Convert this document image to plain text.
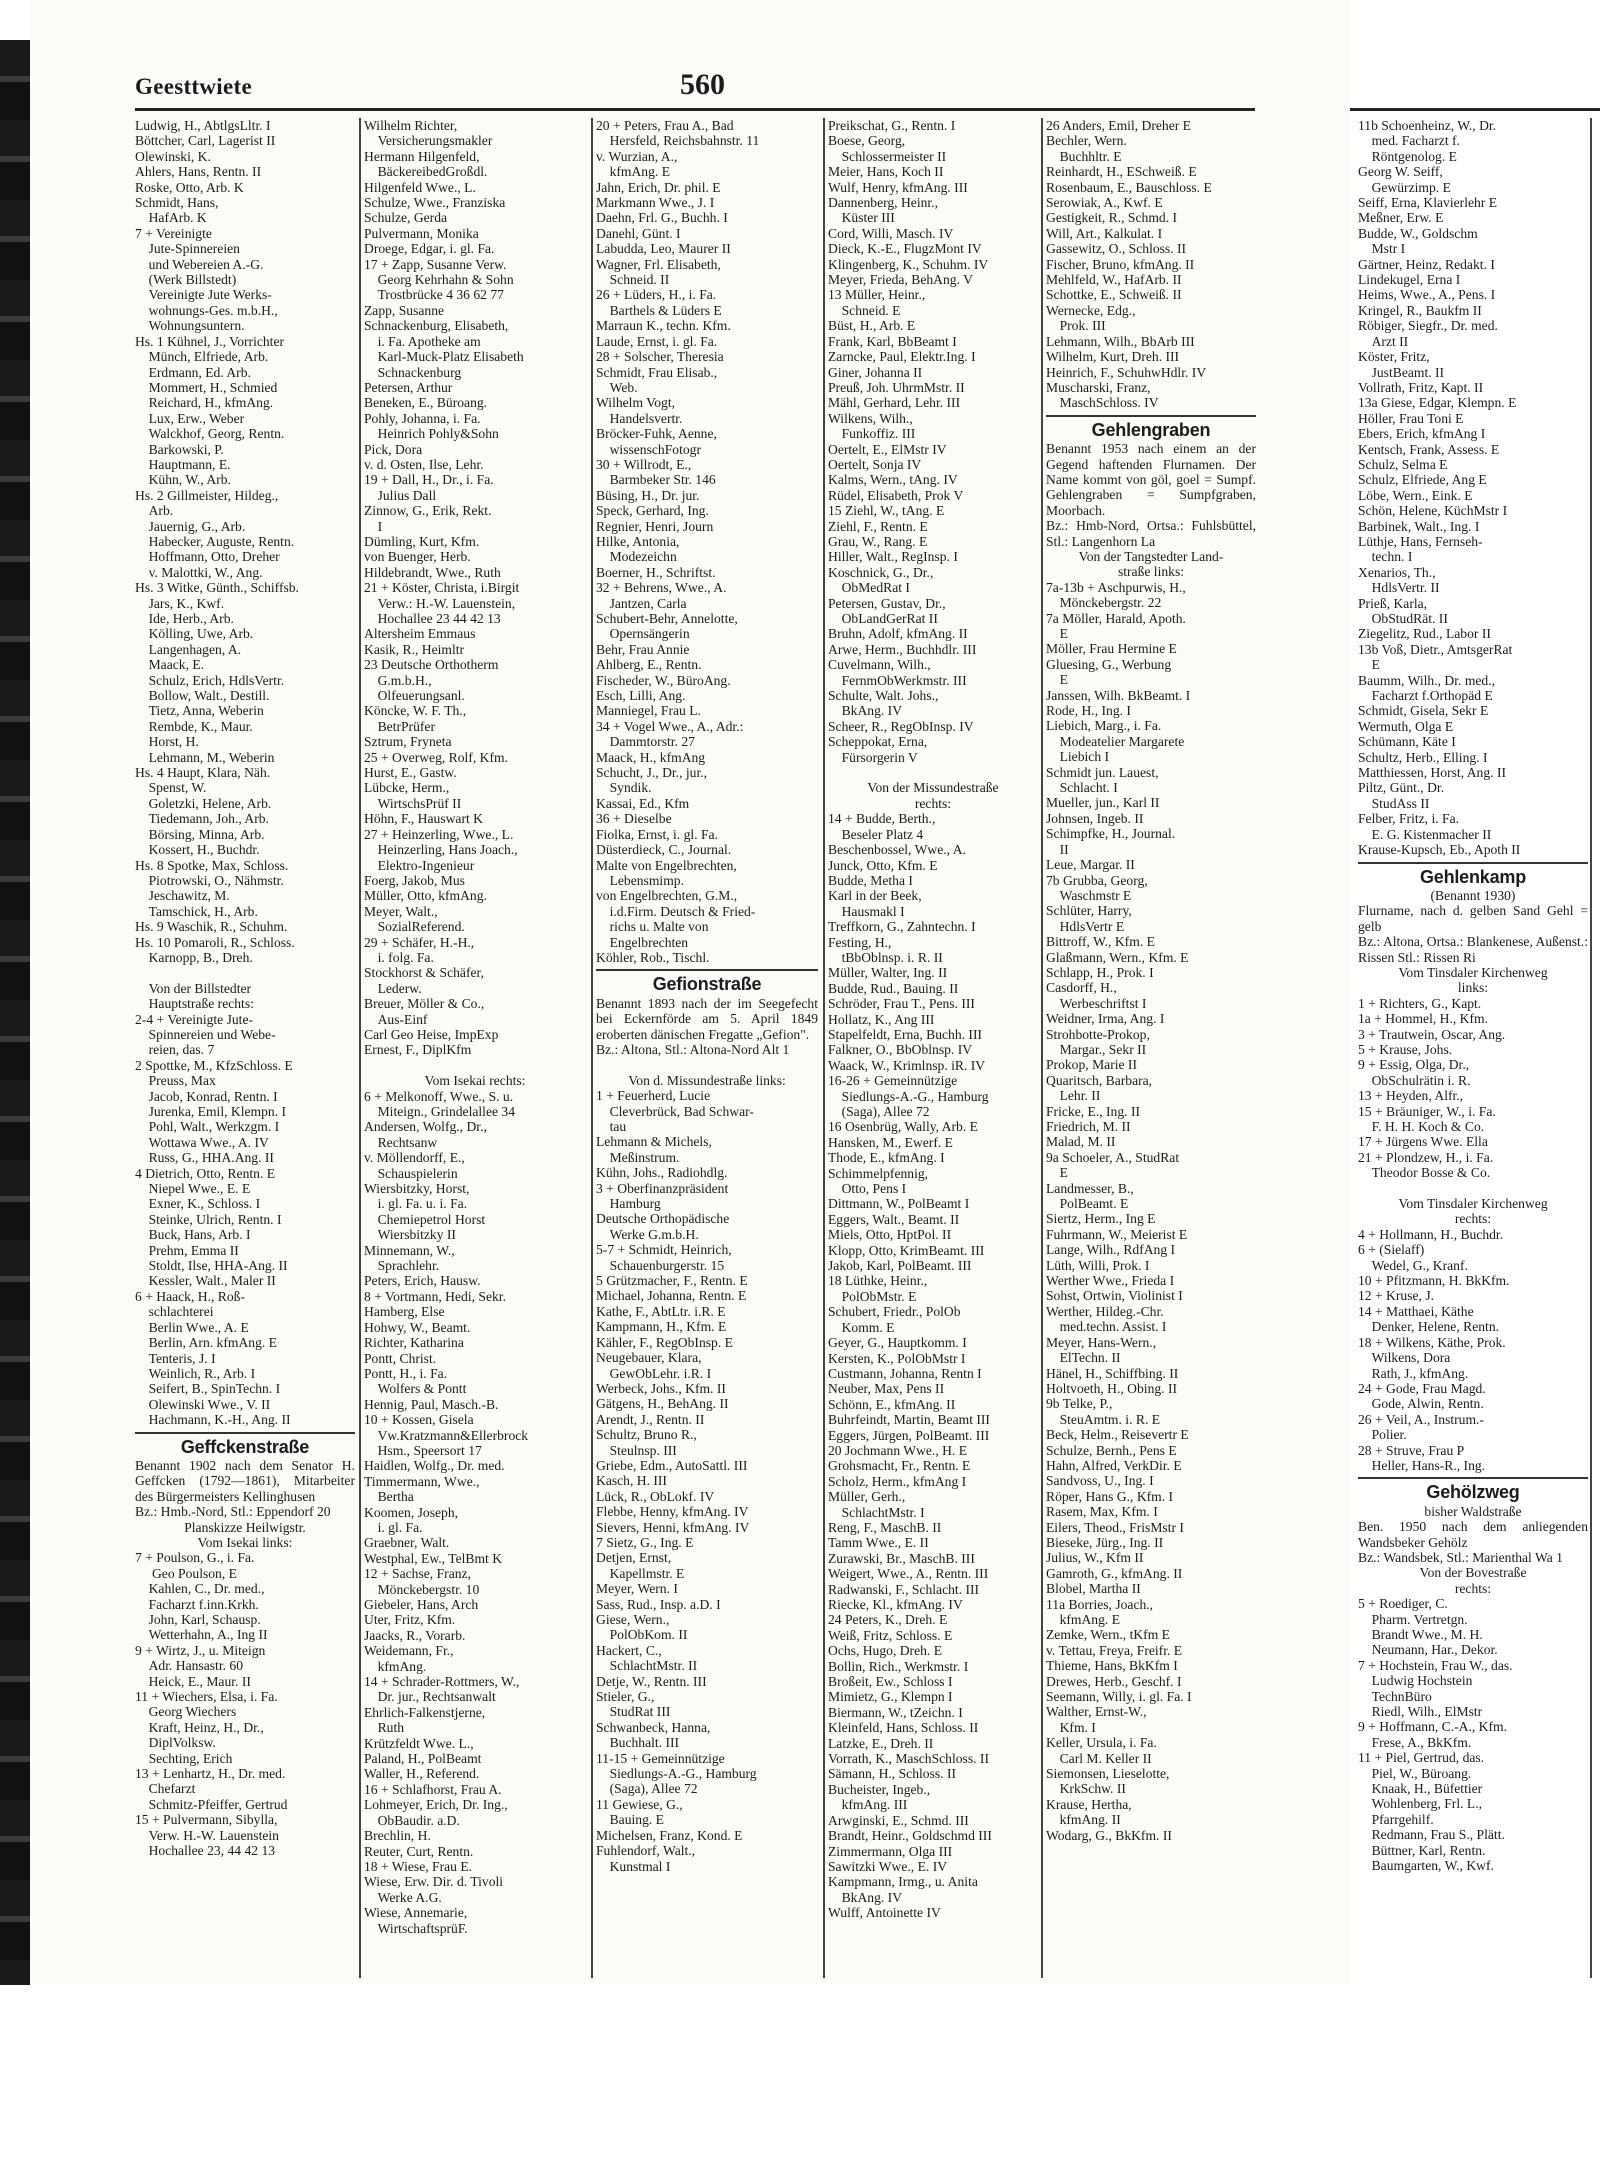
Geesttwiete	560
Ludwig, H., AbtlgsLltr. I
Böttcher, Carl, Lagerist II
Olewinski, K.
Ahlers, Hans, Rentn. II
Roske, Otto, Arb. K
Schmidt, Hans,
HafArb. K
7 + Vereinigte
Jute-Spinnereien
und Webereien A.-G.
(Werk Billstedt)
Vereinigte Jute Werks-
wohnungs-Ges. m.b.H.,
Wohnungsuntern.
Hs. 1 Kühnel, J., Vorrichter
Münch, Elfriede, Arb.
Erdmann, Ed. Arb.
Mommert, H., Schmied
Reichard, H., kfmAng.
Lux, Erw., Weber
Walckhof, Georg, Rentn.
Barkowski, P.
Hauptmann, E.
Kühn, W., Arb.
Hs. 2 Gillmeister, Hildeg.,
Arb.
Jauernig, G., Arb.
Habecker, Auguste, Rentn.
Hoffmann, Otto, Dreher
v. Malottki, W., Ang.
Hs. 3 Witke, Günth., Schiffsb.
Jars, K., Kwf.
Ide, Herb., Arb.
Kölling, Uwe, Arb.
Langenhagen, A.
Maack, E.
Schulz, Erich, HdlsVertr.
Bollow, Walt., Destill.
Tietz, Anna, Weberin
Rembde, K., Maur.
Horst, H.
Lehmann, M., Weberin
Hs. 4 Haupt, Klara, Näh.
Spenst, W.
Goletzki, Helene, Arb.
Tiedemann, Joh., Arb.
Börsing, Minna, Arb.
Kossert, H., Buchdr.
Hs. 8 Spotke, Max, Schloss.
Piotrowski, O., Nähmstr.
Jeschawitz, M.
Tamschick, H., Arb.
Hs. 9 Waschik, R., Schuhm.
Hs. 10 Pomaroli, R., Schloss.
Karnopp, B., Dreh.

Von der Billstedter
Hauptstraße rechts:
2-4 + Vereinigte Jute-
Spinnereien und Webe-
reien, das. 7
2 Spottke, M., KfzSchloss. E
Preuss, Max
Jacob, Konrad, Rentn. I
Jurenka, Emil, Klempn. I
Pohl, Walt., Werkzgm. I
Wottawa Wwe., A. IV
Russ, G., HHA.Ang. II
4 Dietrich, Otto, Rentn. E
Niepel Wwe., E. E
Exner, K., Schloss. I
Steinke, Ulrich, Rentn. I
Buck, Hans, Arb. I
Prehm, Emma II
Stoldt, Ilse, HHA-Ang. II
Kessler, Walt., Maler II
6 + Haack, H., Roß-
schlachterei
Berlin Wwe., A. E
Berlin, Arn. kfmAng. E
Tenteris, J. I
Weinlich, R., Arb. I
Seifert, B., SpinTechn. I
Olewinski Wwe., V. II
Hachmann, K.-H., Ang. II
Geffckenstraße
Benannt 1902 nach dem Senator H. Geffcken (1792—1861), Mitarbeiter des Bürgermeisters Kellinghusen
Bz.: Hmb.-Nord, Stl.: Eppendorf 20
Planskizze Heilwigstr.
Vom Isekai links:
7 + Poulson, G., i. Fa.
Geo Poulson, E
Kahlen, C., Dr. med.,
Facharzt f.inn.Krkh.
John, Karl, Schausp.
Wetterhahn, A., Ing II
9 + Wirtz, J., u. Miteign
Adr. Hansastr. 60
Heick, E., Maur. II
11 + Wiechers, Elsa, i. Fa.
Georg Wiechers
Kraft, Heinz, H., Dr.,
DiplVolksw.
Sechting, Erich
13 + Lenhartz, H., Dr. med.
Chefarzt
Schmitz-Pfeiffer, Gertrud
15 + Pulvermann, Sibylla,
Verw. H.-W. Lauenstein
Hochallee 23, 44 42 13
Wilhelm Richter,
Versicherungsmakler
Hermann Hilgenfeld,
BäckereibedGroßdl.
Hilgenfeld Wwe., L.
Schulze, Wwe., Franziska
Schulze, Gerda
Pulvermann, Monika
Droege, Edgar, i. gl. Fa.
17 + Zapp, Susanne Verw.
Georg Kehrhahn & Sohn
Trostbrücke 4 36 62 77
Zapp, Susanne
Schnackenburg, Elisabeth,
i. Fa. Apotheke am
Karl-Muck-Platz Elisabeth
Schnackenburg
Petersen, Arthur
Beneken, E., Büroang.
Pohly, Johanna, i. Fa.
Heinrich Pohly&Sohn
Pick, Dora
v. d. Osten, Ilse, Lehr.
19 + Dall, H., Dr., i. Fa.
Julius Dall
Zinnow, G., Erik, Rekt.
I
Dümling, Kurt, Kfm.
von Buenger, Herb.
Hildebrandt, Wwe., Ruth
21 + Köster, Christa, i.Birgit
Verw.: H.-W. Lauenstein,
Hochallee 23 44 42 13
Altersheim Emmaus
Kasik, R., Heimltr
23 Deutsche Orthotherm
G.m.b.H.,
Olfeuerungsanl.
Köncke, W. F. Th.,
BetrPrüfer
Sztrum, Fryneta
25 + Overweg, Rolf, Kfm.
Hurst, E., Gastw.
Lübcke, Herm.,
WirtschsPrüf II
Höhn, F., Hauswart K
27 + Heinzerling, Wwe., L.
Heinzerling, Hans Joach.,
Elektro-Ingenieur
Foerg, Jakob, Mus
Müller, Otto, kfmAng.
Meyer, Walt.,
SozialReferend.
29 + Schäfer, H.-H.,
i. folg. Fa.
Stockhorst & Schäfer,
Lederw.
Breuer, Möller & Co.,
Aus-Einf
Carl Geo Heise, ImpExp
Ernest, F., DiplKfm

Vom Isekai rechts:
6 + Melkonoff, Wwe., S. u.
Miteign., Grindelallee 34
Andersen, Wolfg., Dr.,
Rechtsanw
v. Möllendorff, E.,
Schauspielerin
Wiersbitzky, Horst,
i. gl. Fa. u. i. Fa.
Chemiepetrol Horst
Wiersbitzky II
Minnemann, W.,
Sprachlehr.
Peters, Erich, Hausw.
8 + Vortmann, Hedi, Sekr.
Hamberg, Else
Hohwy, W., Beamt.
Richter, Katharina
Pontt, Christ.
Pontt, H., i. Fa.
Wolfers & Pontt
Hennig, Paul, Masch.-B.
10 + Kossen, Gisela
Vw.Kratzmann&Ellerbrock
Hsm., Speersort 17
Haidlen, Wolfg., Dr. med.
Timmermann, Wwe.,
Bertha
Koomen, Joseph,
i. gl. Fa.
Graebner, Walt.
Westphal, Ew., TelBmt K
12 + Sachse, Franz,
Mönckebergstr. 10
Giebeler, Hans, Arch
Uter, Fritz, Kfm.
Jaacks, R., Vorarb.
Weidemann, Fr.,
kfmAng.
14 + Schrader-Rottmers, W.,
Dr. jur., Rechtsanwalt
Ehrlich-Falkenstjerne,
Ruth
Krützfeldt Wwe. L.,
Paland, H., PolBeamt
Waller, H., Referend.
16 + Schlafhorst, Frau A.
Lohmeyer, Erich, Dr. Ing.,
ObBaudir. a.D.
Brechlin, H.
Reuter, Curt, Rentn.
18 + Wiese, Frau E.
Wiese, Erw. Dir. d. Tivoli
Werke A.G.
Wiese, Annemarie,
WirtschaftsprüF.
20 + Peters, Frau A., Bad
Hersfeld, Reichsbahnstr. 11
v. Wurzian, A.,
kfmAng. E
Jahn, Erich, Dr. phil. E
Markmann Wwe., J. I
Daehn, Frl. G., Buchh. I
Danehl, Günt. I
Labudda, Leo, Maurer II
Wagner, Frl. Elisabeth,
Schneid. II
26 + Lüders, H., i. Fa.
Barthels & Lüders E
Marraun K., techn. Kfm.
Laude, Ernst, i. gl. Fa.
28 + Solscher, Theresia
Schmidt, Frau Elisab.,
Web.
Wilhelm Vogt,
Handelsvertr.
Bröcker-Fuhk, Aenne,
wissenschFotogr
30 + Willrodt, E.,
Barmbeker Str. 146
Büsing, H., Dr. jur.
Speck, Gerhard, Ing.
Regnier, Henri, Journ
Hilke, Antonia,
Modezeichn
Boerner, H., Schriftst.
32 + Behrens, Wwe., A.
Jantzen, Carla
Schubert-Behr, Annelotte,
Opernsängerin
Behr, Frau Annie
Ahlberg, E., Rentn.
Fischeder, W., BüroAng.
Esch, Lilli, Ang.
Manniegel, Frau L.
34 + Vogel Wwe., A., Adr.:
Dammtorstr. 27
Maack, H., kfmAng
Schucht, J., Dr., jur.,
Syndik.
Kassai, Ed., Kfm
36 + Dieselbe
Fiolka, Ernst, i. gl. Fa.
Düsterdieck, C., Journal.
Malte von Engelbrechten,
Lebensmimp.
von Engelbrechten, G.M.,
i.d.Firm. Deutsch & Fried-
richs u. Malte von
Engelbrechten
Köhler, Rob., Tischl.
Gefionstraße
Benannt 1893 nach der im Seegefecht bei Eckernförde am 5. April 1849 eroberten dänischen Fregatte „Gefion".
Bz.: Altona, Stl.: Altona-Nord Alt 1

Von d. Missundestraße links:
1 + Feuerherd, Lucie
Cleverbrück, Bad Schwar-
tau
Lehmann & Michels,
Meßinstrum.
Kühn, Johs., Radiohdlg.
3 + Oberfinanzpräsident
Hamburg
Deutsche Orthopädische
Werke G.m.b.H.
5-7 + Schmidt, Heinrich,
Schauenburgerstr. 15
5 Grützmacher, F., Rentn. E
Michael, Johanna, Rentn. E
Kathe, F., AbtLtr. i.R. E
Kampmann, H., Kfm. E
Kähler, F., RegObInsp. E
Neugebauer, Klara,
GewObLehr. i.R. I
Werbeck, Johs., Kfm. II
Gätgens, H., BehAng. II
Arendt, J., Rentn. II
Schultz, Bruno R.,
Steulnsp. III
Griebe, Edm., AutoSattl. III
Kasch, H. III
Lück, R., ObLokf. IV
Flebbe, Henny, kfmAng. IV
Sievers, Henni, kfmAng. IV
7 Sietz, G., Ing. E
Detjen, Ernst,
Kapellmstr. E
Meyer, Wern. I
Sass, Rud., Insp. a.D. I
Giese, Wern.,
PolObKom. II
Hackert, C.,
SchlachtMstr. II
Detje, W., Rentn. III
Stieler, G.,
StudRat III
Schwanbeck, Hanna,
Buchhalt. III
11-15 + Gemeinnützige
Siedlungs-A.-G., Hamburg
(Saga), Allee 72
11 Gewiese, G.,
Bauing. E
Michelsen, Franz, Kond. E
Fuhlendorf, Walt.,
Kunstmal I
Preikschat, G., Rentn. I
Boese, Georg,
Schlossermeister II
Meier, Hans, Koch II
Wulf, Henry, kfmAng. III
Dannenberg, Heinr.,
Küster III
Cord, Willi, Masch. IV
Dieck, K.-E., FlugzMont IV
Klingenberg, K., Schuhm. IV
Meyer, Frieda, BehAng. V
13 Müller, Heinr.,
Schneid. E
Büst, H., Arb. E
Frank, Karl, BbBeamt I
Zarncke, Paul, Elektr.Ing. I
Giner, Johanna II
Preuß, Joh. UhrmMstr. II
Mähl, Gerhard, Lehr. III
Wilkens, Wilh.,
Funkoffiz. III
Oertelt, E., ElMstr IV
Oertelt, Sonja IV
Kalms, Wern., tAng. IV
Rüdel, Elisabeth, Prok V
15 Ziehl, W., tAng. E
Ziehl, F., Rentn. E
Grau, W., Rang. E
Hiller, Walt., RegInsp. I
Koschnick, G., Dr.,
ObMedRat I
Petersen, Gustav, Dr.,
ObLandGerRat II
Bruhn, Adolf, kfmAng. II
Arwe, Herm., Buchhdlr. III
Cuvelmann, Wilh.,
FernmObWerkmstr. III
Schulte, Walt. Johs.,
BkAng. IV
Scheer, R., RegObInsp. IV
Scheppokat, Erna,
Fürsorgerin V

Von der Missundestraße
rechts:
14 + Budde, Berth.,
Beseler Platz 4
Beschenbossel, Wwe., A.
Junck, Otto, Kfm. E
Budde, Metha I
Karl in der Beek,
Hausmakl I
Treffkorn, G., Zahntechn. I
Festing, H.,
tBbOblnsp. i. R. II
Müller, Walter, Ing. II
Budde, Rud., Bauing. II
Schröder, Frau T., Pens. III
Hollatz, K., Ang III
Stapelfeldt, Erna, Buchh. III
Falkner, O., BbOblnsp. IV
Waack, W., Krimlnsp. iR. IV
16-26 + Gemeinnützige
Siedlungs-A.-G., Hamburg
(Saga), Allee 72
16 Osenbrüg, Wally, Arb. E
Hansken, M., Ewerf. E
Thode, E., kfmAng. I
Schimmelpfennig,
Otto, Pens I
Dittmann, W., PolBeamt I
Eggers, Walt., Beamt. II
Miels, Otto, HptPol. II
Klopp, Otto, KrimBeamt. III
Jakob, Karl, PolBeamt. III
18 Lüthke, Heinr.,
PolObMstr. E
Schubert, Friedr., PolOb
Komm. E
Geyer, G., Hauptkomm. I
Kersten, K., PolObMstr I
Custmann, Johanna, Rentn I
Neuber, Max, Pens II
Schönn, E., kfmAng. II
Buhrfeindt, Martin, Beamt III
Eggers, Jürgen, PolBeamt. III
20 Jochmann Wwe., H. E
Grohsmacht, Fr., Rentn. E
Scholz, Herm., kfmAng I
Müller, Gerh.,
SchlachtMstr. I
Reng, F., MaschB. II
Tamm Wwe., E. II
Zurawski, Br., MaschB. III
Weigert, Wwe., A., Rentn. III
Radwanski, F., Schlacht. III
Riecke, Kl., kfmAng. IV
24 Peters, K., Dreh. E
Weiß, Fritz, Schloss. E
Ochs, Hugo, Dreh. E
Bollin, Rich., Werkmstr. I
Broßeit, Ew., Schloss I
Mimietz, G., Klempn I
Biermann, W., tZeichn. I
Kleinfeld, Hans, Schloss. II
Latzke, E., Dreh. II
Vorrath, K., MaschSchloss. II
Sämann, H., Schloss. II
Bucheister, Ingeb.,
kfmAng. III
Arwginski, E., Schmd. III
Brandt, Heinr., Goldschmd III
Zimmermann, Olga III
Sawitzki Wwe., E. IV
Kampmann, Irmg., u. Anita
BkAng. IV
Wulff, Antoinette IV
26 Anders, Emil, Dreher E
Bechler, Wern.
Buchhltr. E
Reinhardt, H., ESchweiß. E
Rosenbaum, E., Bauschloss. E
Serowiak, A., Kwf. E
Gestigkeit, R., Schmd. I
Will, Art., Kalkulat. I
Gassewitz, O., Schloss. II
Fischer, Bruno, kfmAng. II
Mehlfeld, W., HafArb. II
Schottke, E., Schweiß. II
Wernecke, Edg.,
Prok. III
Lehmann, Wilh., BbArb III
Wilhelm, Kurt, Dreh. III
Heinrich, F., SchuhwHdlr. IV
Muscharski, Franz,
MaschSchloss. IV
Gehlengraben
Benannt 1953 nach einem an der Gegend haftenden Flurnamen. Der Name kommt von göl, goel = Sumpf. Gehlengraben = Sumpfgraben, Moorbach.
Bz.: Hmb-Nord, Ortsa.: Fuhlsbüttel, Stl.: Langenhorn La
Von der Tangstedter Land-
straße links:
7a-13b + Aschpurwis, H.,
Mönckebergstr. 22
7a Möller, Harald, Apoth.
E
Möller, Frau Hermine E
Gluesing, G., Werbung
E
Janssen, Wilh. BkBeamt. I
Rode, H., Ing. I
Liebich, Marg., i. Fa.
Modeatelier Margarete
Liebich I
Schmidt jun. Lauest,
Schlacht. I
Mueller, jun., Karl II
Johnsen, Ingeb. II
Schimpfke, H., Journal.
II
Leue, Margar. II
7b Grubba, Georg,
Waschmstr E
Schlüter, Harry,
HdlsVertr E
Bittroff, W., Kfm. E
Glaßmann, Wern., Kfm. E
Schlapp, H., Prok. I
Casdorff, H.,
Werbeschriftst I
Weidner, Irma, Ang. I
Strohbotte-Prokop,
Margar., Sekr II
Prokop, Marie II
Quaritsch, Barbara,
Lehr. II
Fricke, E., Ing. II
Friedrich, M. II
Malad, M. II
9a Schoeler, A., StudRat
E
Landmesser, B.,
PolBeamt. E
Siertz, Herm., Ing E
Fuhrmann, W., Meierist E
Lange, Wilh., RdfAng I
Lüth, Willi, Prok. I
Werther Wwe., Frieda I
Sohst, Ortwin, Violinist I
Werther, Hildeg.-Chr.
med.techn. Assist. I
Meyer, Hans-Wern.,
ElTechn. II
Hänel, H., Schiffbing. II
Holtvoeth, H., Obing. II
9b Telke, P.,
SteuAmtm. i. R. E
Beck, Helm., Reisevertr E
Schulze, Bernh., Pens E
Hahn, Alfred, VerkDir. E
Sandvoss, U., Ing. I
Röper, Hans G., Kfm. I
Rasem, Max, Kfm. I
Eilers, Theod., FrisMstr I
Bieseke, Jürg., Ing. II
Julius, W., Kfm II
Gamroth, G., kfmAng. II
Blobel, Martha II
11a Borries, Joach.,
kfmAng. E
Zemke, Wern., tKfm E
v. Tettau, Freya, Freifr. E
Thieme, Hans, BkKfm I
Drewes, Herb., Geschf. I
Seemann, Willy, i. gl. Fa. I
Walther, Ernst-W.,
Kfm. I
Keller, Ursula, i. Fa.
Carl M. Keller II
Siemonsen, Lieselotte,
KrkSchw. II
Krause, Hertha,
kfmAng. II
Wodarg, G., BkKfm. II
11b Schoenheinz, W., Dr.
med. Facharzt f.
Röntgenolog. E
Georg W. Seiff,
Gewürzimp. E
Seiff, Erna, Klavierlehr E
Meßner, Erw. E
Budde, W., Goldschm
Mstr I
Gärtner, Heinz, Redakt. I
Lindekugel, Erna I
Heims, Wwe., A., Pens. I
Kringel, R., Baukfm II
Röbiger, Siegfr., Dr. med.
Arzt II
Köster, Fritz,
JustBeamt. II
Vollrath, Fritz, Kapt. II
13a Giese, Edgar, Klempn. E
Höller, Frau Toni E
Ebers, Erich, kfmAng I
Kentsch, Frank, Assess. E
Schulz, Selma E
Schulz, Elfriede, Ang E
Löbe, Wern., Eink. E
Schön, Helene, KüchMstr I
Barbinek, Walt., Ing. I
Lüthje, Hans, Fernseh-
techn. I
Xenarios, Th.,
HdlsVertr. II
Prieß, Karla,
ObStudRät. II
Ziegelitz, Rud., Labor II
13b Voß, Dietr., AmtsgerRat
E
Baumm, Wilh., Dr. med.,
Facharzt f.Orthopäd E
Schmidt, Gisela, Sekr E
Wermuth, Olga E
Schümann, Käte I
Schultz, Herb., Elling. I
Matthiessen, Horst, Ang. II
Piltz, Günt., Dr.
StudAss II
Felber, Fritz, i. Fa.
E. G. Kistenmacher II
Krause-Kupsch, Eb., Apoth II
Gehlenkamp
(Benannt 1930)
Flurname, nach d. gelben Sand Gehl = gelb
Bz.: Altona, Ortsa.: Blankenese, Außenst.: Rissen Stl.: Rissen Ri
Vom Tinsdaler Kirchenweg
links:
1 + Richters, G., Kapt.
1a + Hommel, H., Kfm.
3 + Trautwein, Oscar, Ang.
5 + Krause, Johs.
9 + Essig, Olga, Dr.,
ObSchulrätin i. R.
13 + Heyden, Alfr.,
15 + Bräuniger, W., i. Fa.
F. H. H. Koch & Co.
17 + Jürgens Wwe. Ella
21 + Plondzew, H., i. Fa.
Theodor Bosse & Co.

Vom Tinsdaler Kirchenweg
rechts:
4 + Hollmann, H., Buchdr.
6 + (Sielaff)
Wedel, G., Kranf.
10 + Pfitzmann, H. BkKfm.
12 + Kruse, J.
14 + Matthaei, Käthe
Denker, Helene, Rentn.
18 + Wilkens, Käthe, Prok.
Wilkens, Dora
Rath, J., kfmAng.
24 + Gode, Frau Magd.
Gode, Alwin, Rentn.
26 + Veil, A., Instrum.-
Polier.
28 + Struve, Frau P
Heller, Hans-R., Ing.
Gehölzweg
bisher Waldstraße
Ben. 1950 nach dem anliegenden Wandsbeker Gehölz
Bz.: Wandsbek, Stl.: Marienthal Wa 1
Von der Bovestraße
rechts:
5 + Roediger, C.
Pharm. Vertretgn.
Brandt Wwe., M. H.
Neumann, Har., Dekor.
7 + Hochstein, Frau W., das.
Ludwig Hochstein
TechnBüro
Riedl, Wilh., ElMstr
9 + Hoffmann, C.-A., Kfm.
Frese, A., BkKfm.
11 + Piel, Gertrud, das.
Piel, W., Büroang.
Knaak, H., Büfettier
Wohlenberg, Frl. L.,
Pfarrgehilf.
Redmann, Frau S., Plätt.
Büttner, Karl, Rentn.
Baumgarten, W., Kwf.
